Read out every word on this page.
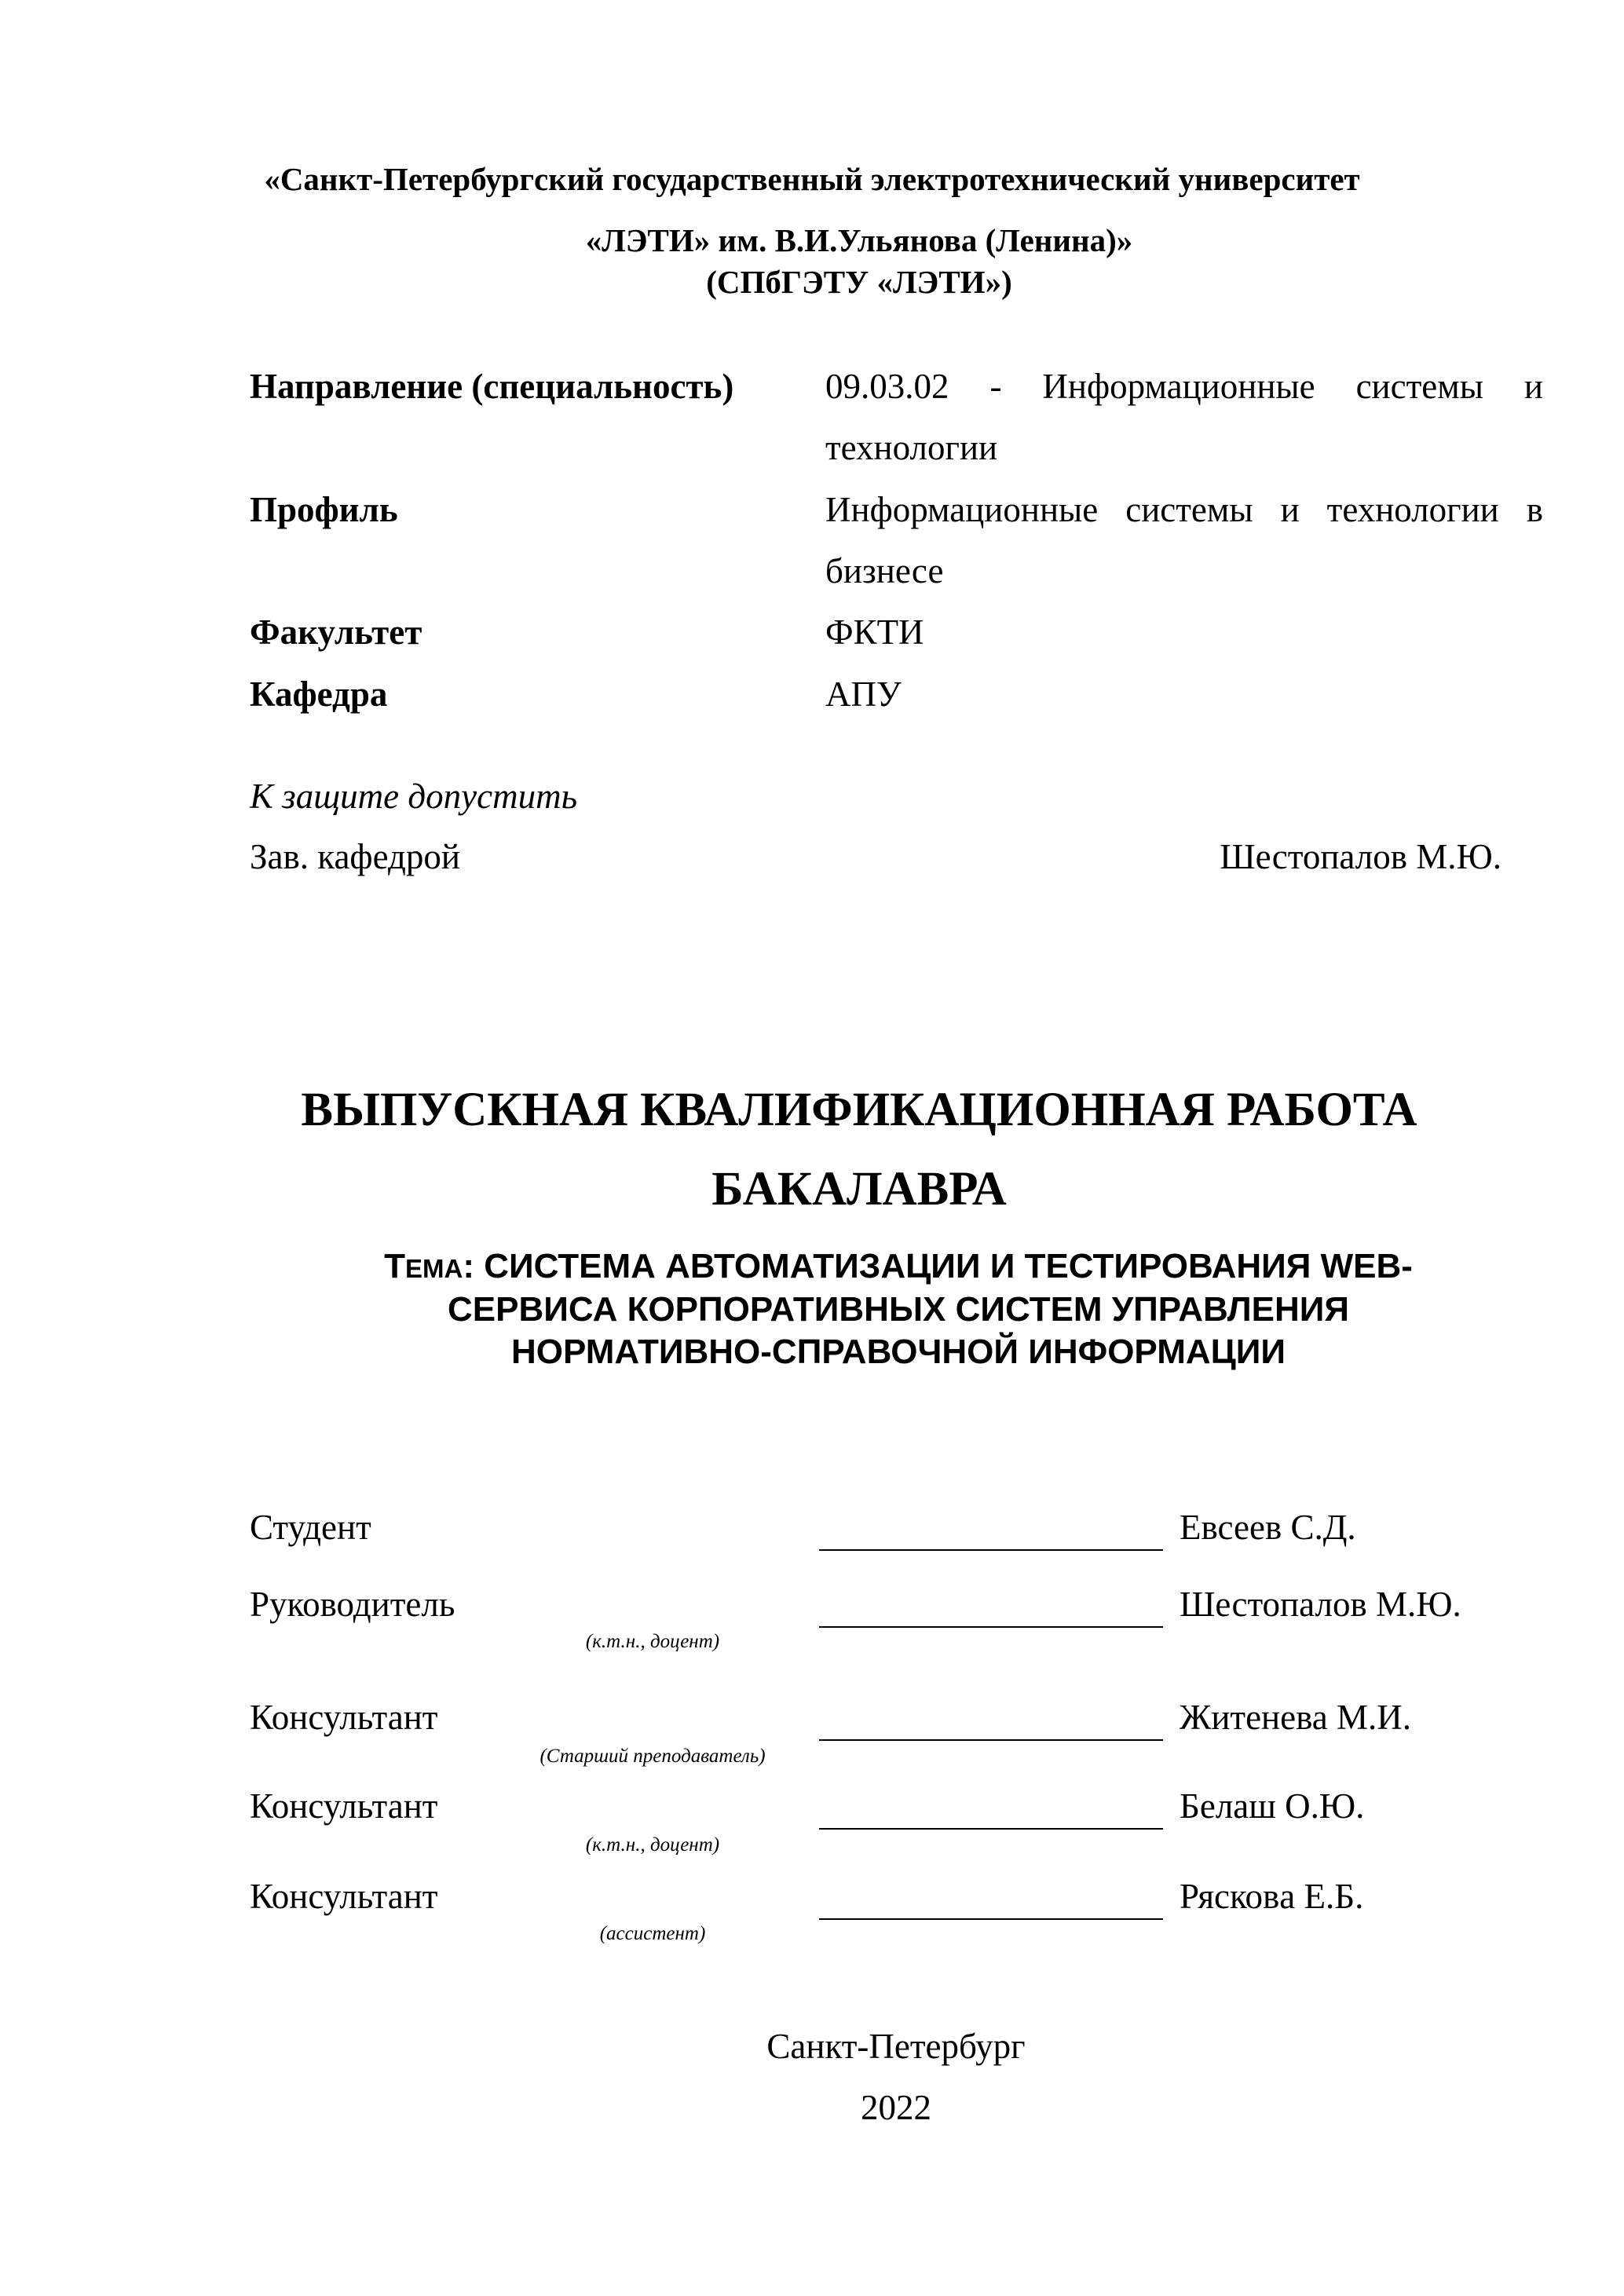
«Санкт-Петербургский государственный электротехнический университет
«ЛЭТИ» им. В.И.Ульянова (Ленина)»
(СПбГЭТУ «ЛЭТИ»)
Направление (специальность)	09.03.02 - Информационные системы и
технологии
Профиль	Информационные системы и технологии в
бизнесе
Факультет	ФКТИ
Кафедра	АПУ
К защите допустить
Зав. кафедрой	Шестопалов М.Ю.
ВЫПУСКНАЯ КВАЛИФИКАЦИОННАЯ РАБОТА
БАКАЛАВРА
ТЕМА: СИСТЕМА АВТОМАТИЗАЦИИ И ТЕСТИРОВАНИЯ WEB-
СЕРВИСА КОРПОРАТИВНЫХ СИСТЕМ УПРАВЛЕНИЯ
НОРМАТИВНО-СПРАВОЧНОЙ ИНФОРМАЦИИ
Студент	Евсеев С.Д.
Руководитель	Шестопалов М.Ю.
(к.т.н., доцент)
Консультант	Житенева М.И.
(Старший преподаватель)
Консультант	Белаш О.Ю.
(к.т.н., доцент)
Консультант	Рясковa Е.Б.
(ассистент)
Санкт-Петербург
2022
